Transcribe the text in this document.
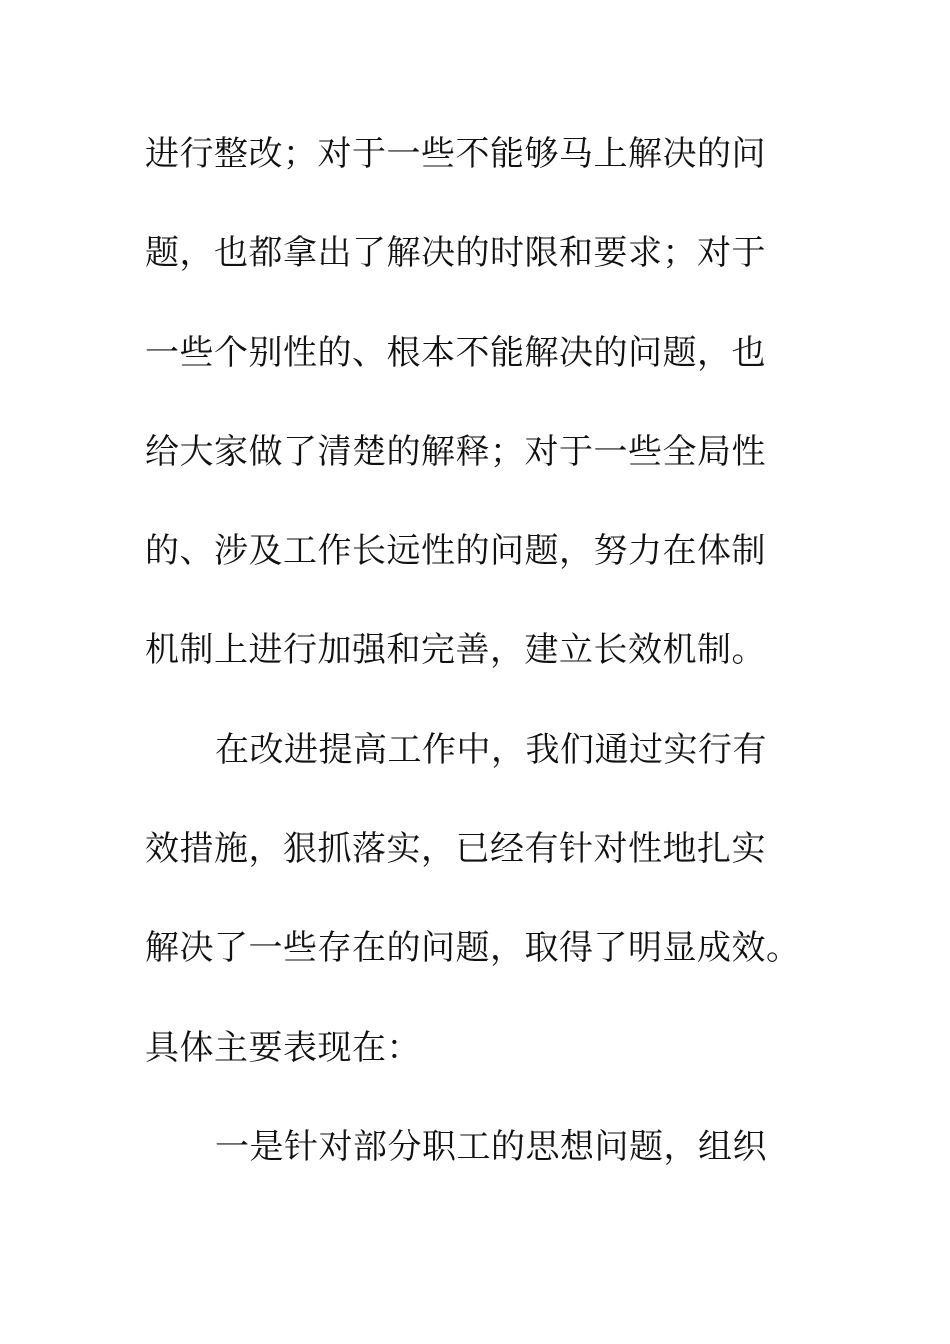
进行整改；对于一些不能够马上解决的问
题，也都拿出了解决的时限和要求；对于
一些个别性的、根本不能解决的问题，也
给大家做了清楚的解释；对于一些全局性
的、涉及工作长远性的问题，努力在体制
机制上进行加强和完善，建立长效机制。
在改进提高工作中，我们通过实行有
效措施，狠抓落实，已经有针对性地扎实
解决了一些存在的问题，取得了明显成效。
具体主要表现在：
一是针对部分职工的思想问题，组织
